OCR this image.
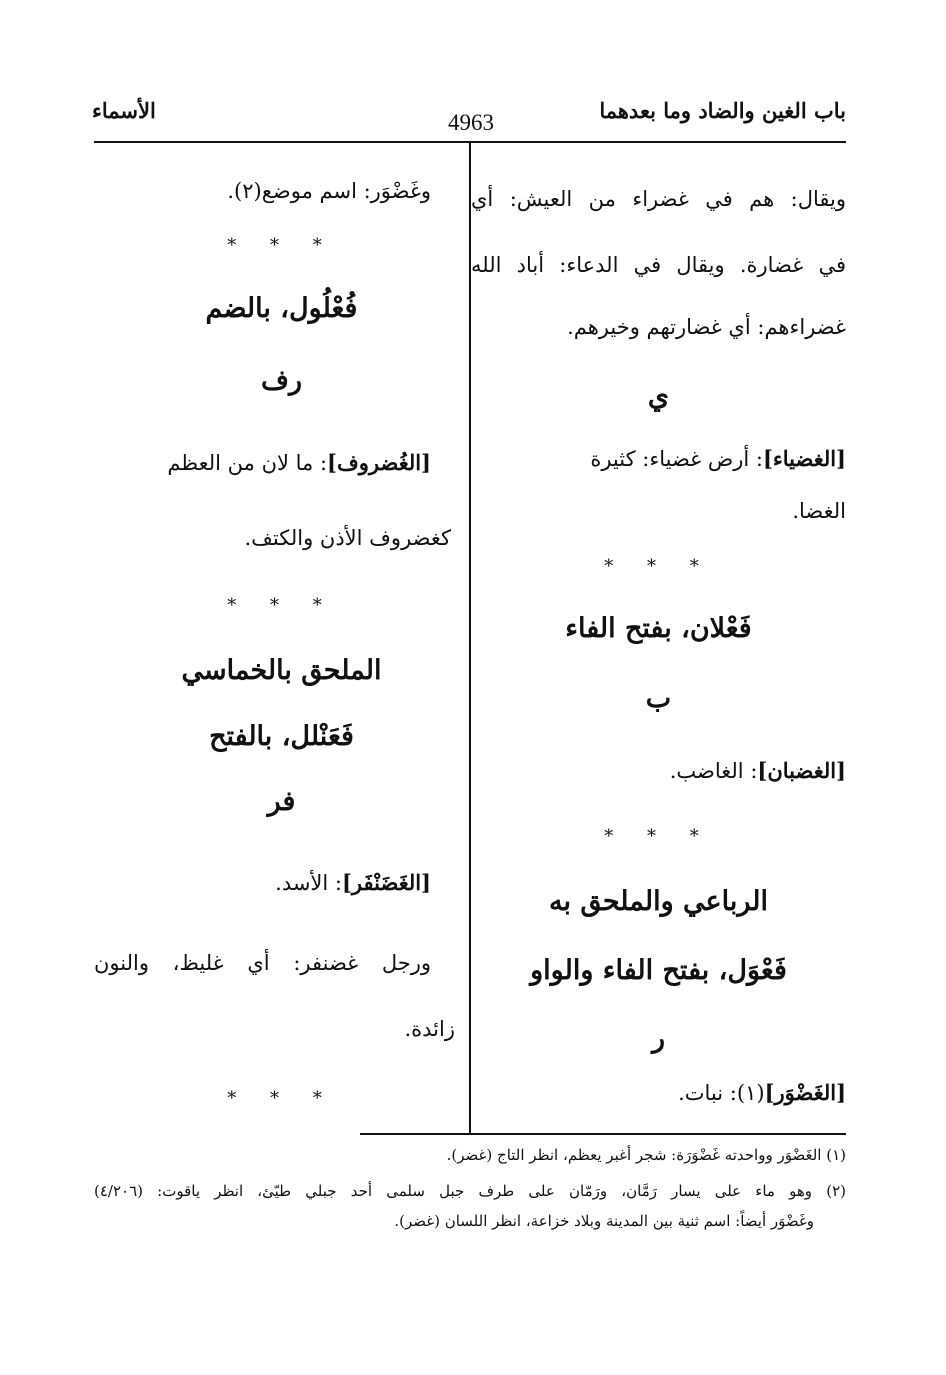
باب الغين والضاد وما بعدهما
4963
الأسماء
ويقال: هم في غضراء من العيش: أي
في غضارة. ويقال في الدعاء: أباد الله
غضراءهم: أي غضارتهم وخيرهم.
ي
[الغضياء]: أرض غضياء: كثيرة
الغضا.
* * *
فَعْلان، بفتح الفاء
ب
[الغضبان]: الغاضب.
* * *
الرباعي والملحق به
فَعْوَل، بفتح الفاء والواو
ر
[الغَضْوَر](١): نبات.
وغَضْوَر: اسم موضع(٢).
* * *
فُعْلُول، بالضم
رف
[الغُضروف]: ما لان من العظم
كغضروف الأذن والكتف.
* * *
الملحق بالخماسي
فَعَنْلل، بالفتح
فر
[الغَضَنْفَر]: الأسد.
ورجل غضنفر: أي غليظ، والنون
زائدة.
* * *
(١) الغَضْوَر وواحدته غَضْوَرَة: شجر أغبر يعظم، انظر التاج (غضر).
(٢) وهو ماء على يسار رَمَّان، ورَمّان على طرف جبل سلمى أحد جبلي طيّئ، انظر ياقوت: (٤/٢٠٦)
وغَضْوَر أيضاً: اسم ثنية بين المدينة وبلاد خزاعة، انظر اللسان (غضر).
